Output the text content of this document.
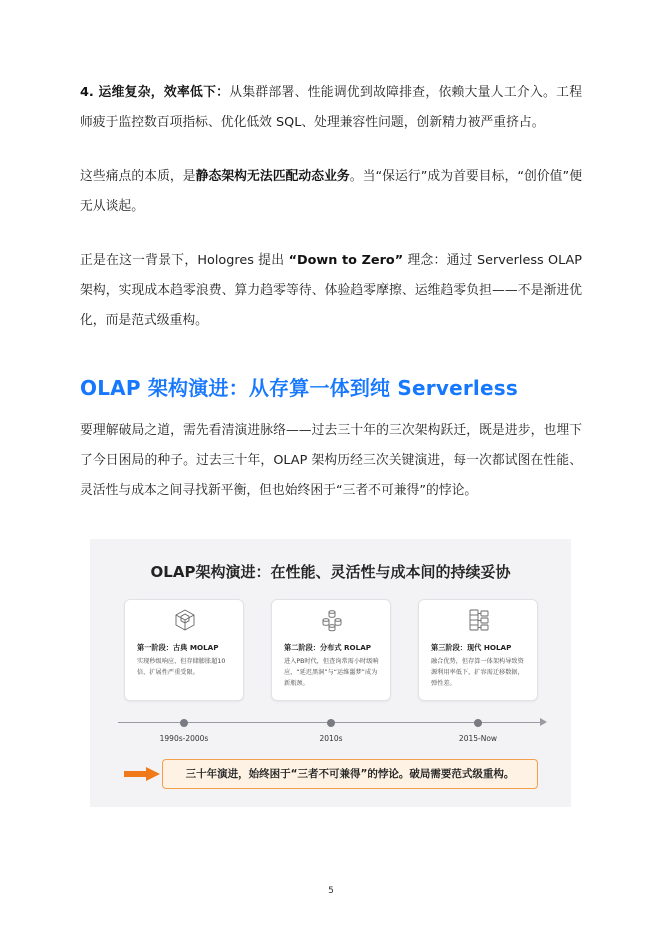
4. 运维复杂，效率低下：从集群部署、性能调优到故障排查，依赖大量人工介入。工程师疲于监控数百项指标、优化低效 SQL、处理兼容性问题，创新精力被严重挤占。

这些痛点的本质，是静态架构无法匹配动态业务。当“保运行”成为首要目标，“创价值”便无从谈起。

正是在这一背景下，Hologres 提出 “Down to Zero” 理念：通过 Serverless OLAP 架构，实现成本趋零浪费、算力趋零等待、体验趋零摩擦、运维趋零负担——不是渐进优化，而是范式级重构。

OLAP 架构演进：从存算一体到纯 Serverless

要理解破局之道，需先看清演进脉络——过去三十年的三次架构跃迁，既是进步，也埋下了今日困局的种子。过去三十年，OLAP 架构历经三次关键演进，每一次都试图在性能、灵活性与成本之间寻找新平衡，但也始终困于“三者不可兼得”的悖论。

OLAP架构演进：在性能、灵活性与成本间的持续妥协
第一阶段：古典 MOLAP
实现秒级响应，但存储膨胀超10倍，扩展性严重受限。
第二阶段：分布式 ROLAP
进入PB时代，但查询常需小时级响应，“延迟黑洞”与“运维噩梦”成为新瓶颈。
第三阶段：现代 HOLAP
融合优势，但存算一体架构导致资源利用率低下，扩容需迁移数据，弹性差。
1990s-2000s	2010s	2015-Now
三十年演进，始终困于“三者不可兼得”的悖论。破局需要范式级重构。
5
